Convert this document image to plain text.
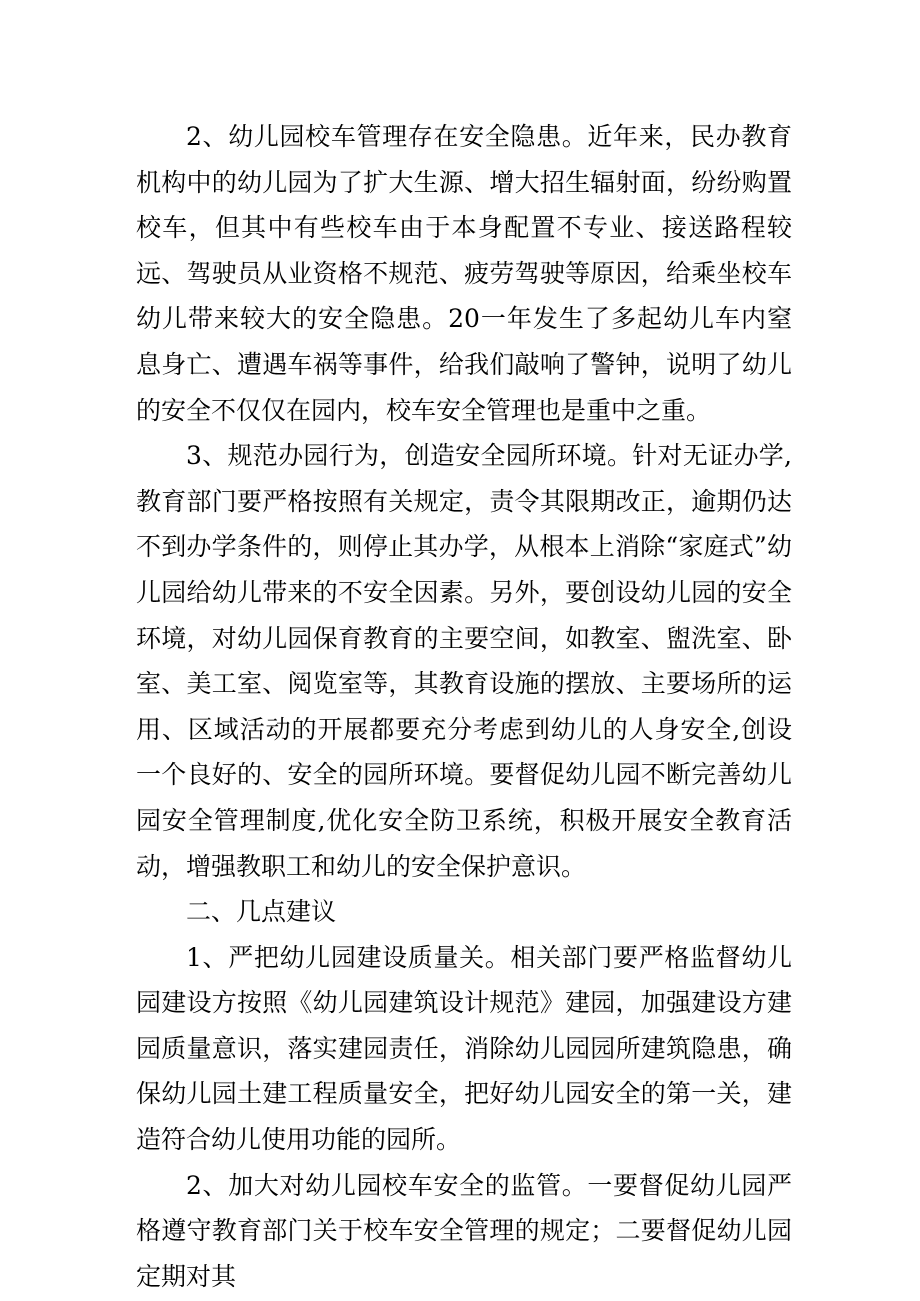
2、幼儿园校车管理存在安全隐患。近年来，民办教育机构中的幼儿园为了扩大生源、增大招生辐射面，纷纷购置校车，但其中有些校车由于本身配置不专业、接送路程较远、驾驶员从业资格不规范、疲劳驾驶等原因，给乘坐校车幼儿带来较大的安全隐患。20一年发生了多起幼儿车内窒息身亡、遭遇车祸等事件，给我们敲响了警钟，说明了幼儿的安全不仅仅在园内，校车安全管理也是重中之重。

3、规范办园行为，创造安全园所环境。针对无证办学,教育部门要严格按照有关规定，责令其限期改正，逾期仍达不到办学条件的，则停止其办学，从根本上消除“家庭式”幼儿园给幼儿带来的不安全因素。另外，要创设幼儿园的安全环境，对幼儿园保育教育的主要空间，如教室、盥洗室、卧室、美工室、阅览室等，其教育设施的摆放、主要场所的运用、区域活动的开展都要充分考虑到幼儿的人身安全,创设一个良好的、安全的园所环境。要督促幼儿园不断完善幼儿园安全管理制度,优化安全防卫系统，积极开展安全教育活动，增强教职工和幼儿的安全保护意识。

二、几点建议

1、严把幼儿园建设质量关。相关部门要严格监督幼儿园建设方按照《幼儿园建筑设计规范》建园，加强建设方建园质量意识，落实建园责任，消除幼儿园园所建筑隐患，确保幼儿园土建工程质量安全，把好幼儿园安全的第一关，建造符合幼儿使用功能的园所。

2、加大对幼儿园校车安全的监管。一要督促幼儿园严格遵守教育部门关于校车安全管理的规定；二要督促幼儿园定期对其
